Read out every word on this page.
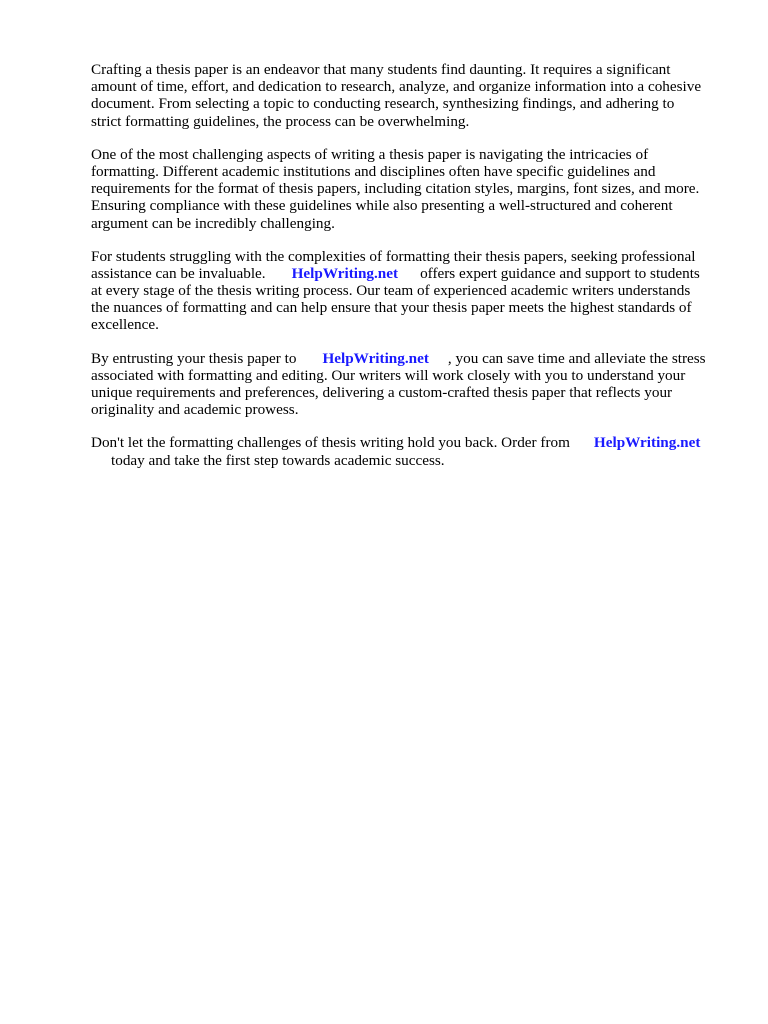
Crafting a thesis paper is an endeavor that many students find daunting. It requires a significant
amount of time, effort, and dedication to research, analyze, and organize information into a cohesive
document. From selecting a topic to conducting research, synthesizing findings, and adhering to
strict formatting guidelines, the process can be overwhelming.
One of the most challenging aspects of writing a thesis paper is navigating the intricacies of
formatting. Different academic institutions and disciplines often have specific guidelines and
requirements for the format of thesis papers, including citation styles, margins, font sizes, and more.
Ensuring compliance with these guidelines while also presenting a well-structured and coherent
argument can be incredibly challenging.
For students struggling with the complexities of formatting their thesis papers, seeking professional
assistance can be invaluable. HelpWriting.net offers expert guidance and support to students
at every stage of the thesis writing process. Our team of experienced academic writers understands
the nuances of formatting and can help ensure that your thesis paper meets the highest standards of
excellence.
By entrusting your thesis paper to HelpWriting.net , you can save time and alleviate the stress
associated with formatting and editing. Our writers will work closely with you to understand your
unique requirements and preferences, delivering a custom-crafted thesis paper that reflects your
originality and academic prowess.
Don't let the formatting challenges of thesis writing hold you back. Order from HelpWriting.net
today and take the first step towards academic success.
